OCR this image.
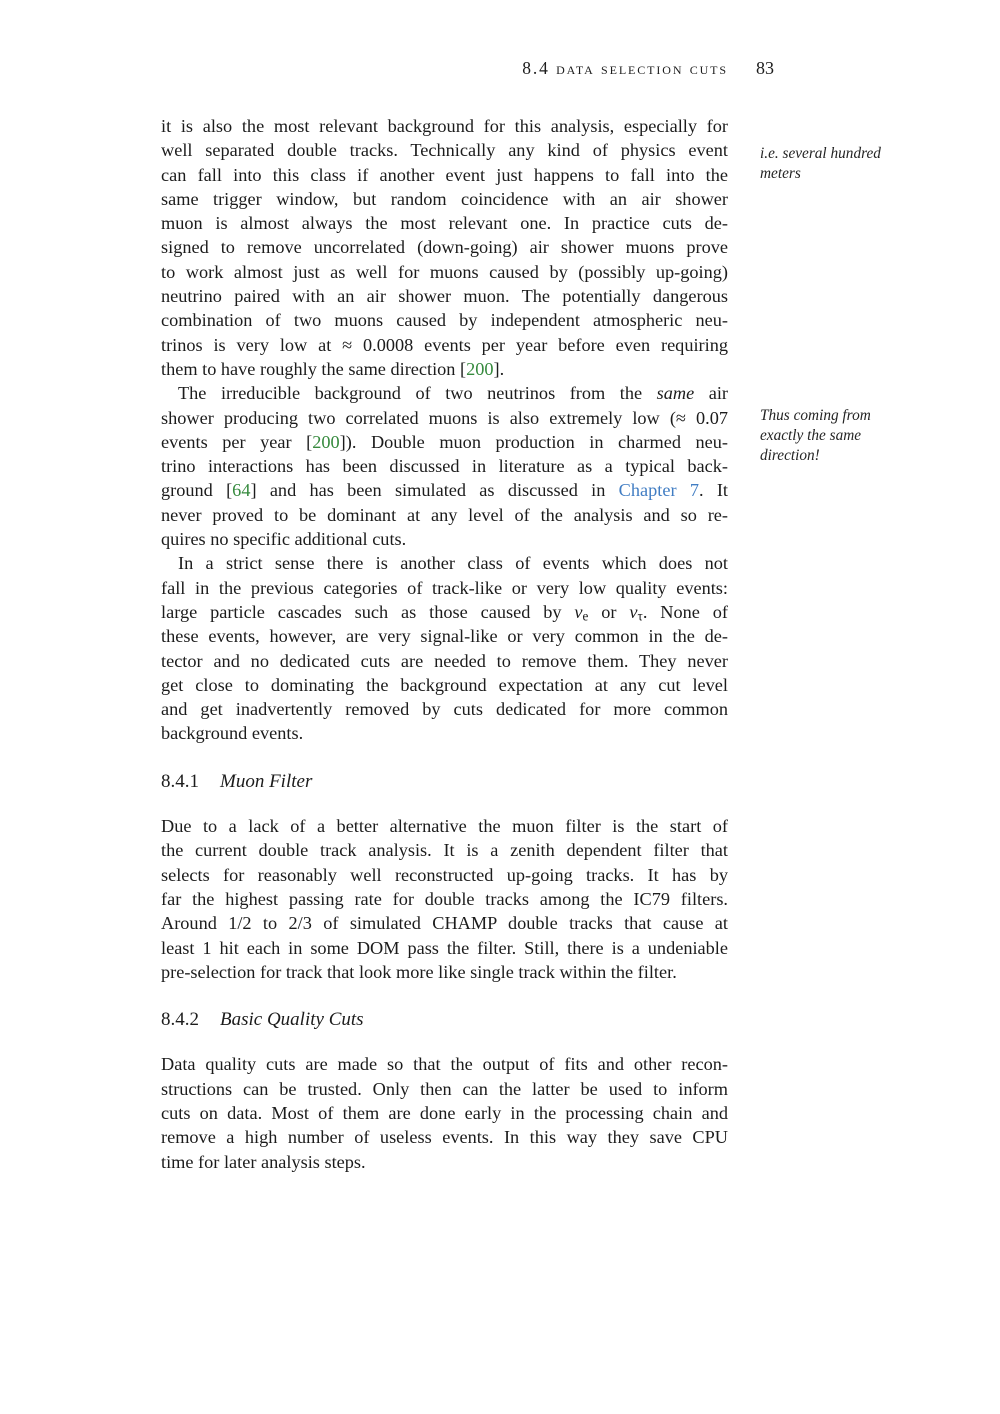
8.4 data selection cuts 83
it is also the most relevant background for this analysis, especially for
well separated double tracks. Technically any kind of physics event
can fall into this class if another event just happens to fall into the
same trigger window, but random coincidence with an air shower
muon is almost always the most relevant one. In practice cuts de-
signed to remove uncorrelated (down-going) air shower muons prove
to work almost just as well for muons caused by (possibly up-going)
neutrino paired with an air shower muon. The potentially dangerous
combination of two muons caused by independent atmospheric neu-
trinos is very low at ≈ 0.0008 events per year before even requiring
them to have roughly the same direction [200].
The irreducible background of two neutrinos from the same air
shower producing two correlated muons is also extremely low (≈ 0.07
events per year [200]). Double muon production in charmed neu-
trino interactions has been discussed in literature as a typical back-
ground [64] and has been simulated as discussed in Chapter 7. It
never proved to be dominant at any level of the analysis and so re-
quires no specific additional cuts.
In a strict sense there is another class of events which does not
fall in the previous categories of track-like or very low quality events:
large particle cascades such as those caused by νe or ντ. None of
these events, however, are very signal-like or very common in the de-
tector and no dedicated cuts are needed to remove them. They never
get close to dominating the background expectation at any cut level
and get inadvertently removed by cuts dedicated for more common
background events.
8.4.1 Muon Filter
Due to a lack of a better alternative the muon filter is the start of
the current double track analysis. It is a zenith dependent filter that
selects for reasonably well reconstructed up-going tracks. It has by
far the highest passing rate for double tracks among the IC79 filters.
Around 1/2 to 2/3 of simulated CHAMP double tracks that cause at
least 1 hit each in some DOM pass the filter. Still, there is a undeniable
pre-selection for track that look more like single track within the filter.
8.4.2 Basic Quality Cuts
Data quality cuts are made so that the output of fits and other recon-
structions can be trusted. Only then can the latter be used to inform
cuts on data. Most of them are done early in the processing chain and
remove a high number of useless events. In this way they save CPU
time for later analysis steps.
i.e. several hundred meters
Thus coming from exactly the same direction!
